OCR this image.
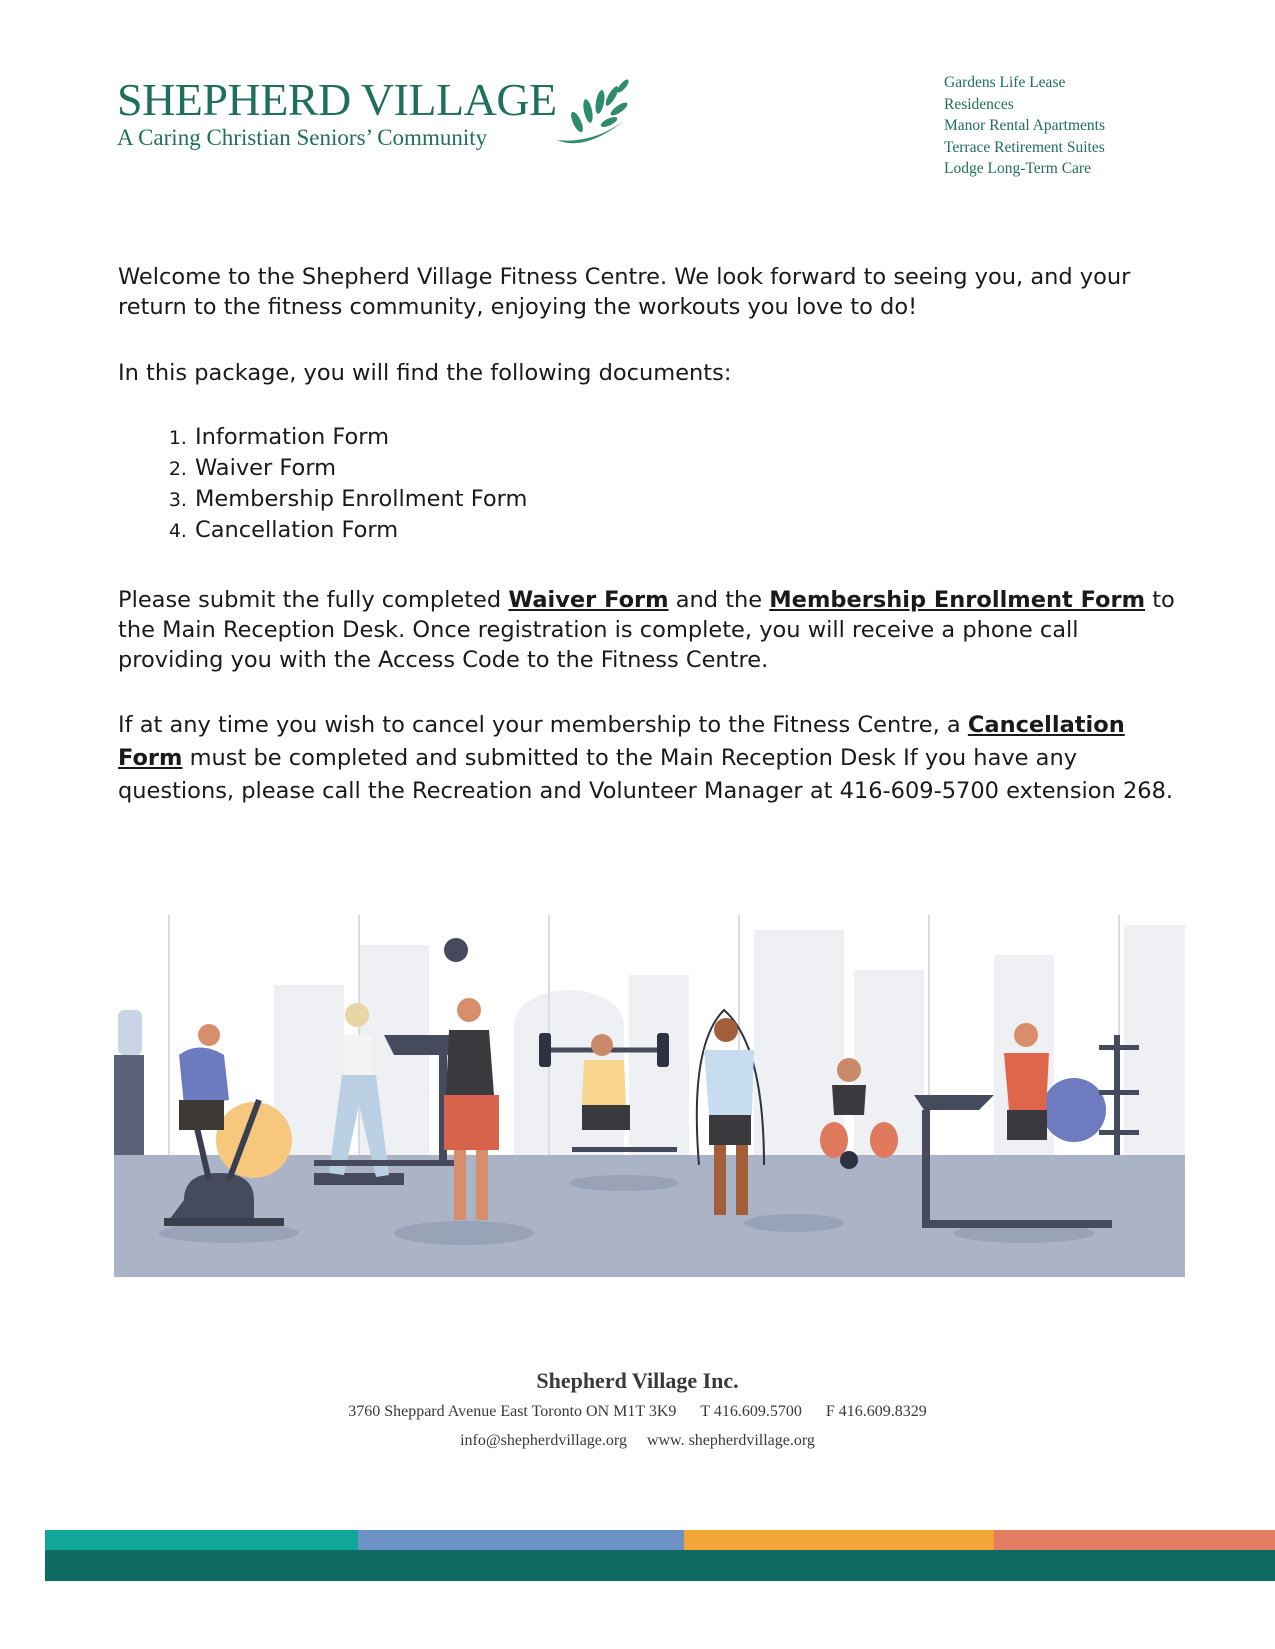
SHEPHERD VILLAGE
A Caring Christian Seniors’ Community
Gardens Life Lease
Residences
Manor Rental Apartments
Terrace Retirement Suites
Lodge Long-Term Care

Welcome to the Shepherd Village Fitness Centre. We look forward to seeing you, and your return to the fitness community, enjoying the workouts you love to do!

In this package, you will find the following documents:

1. Information Form
2. Waiver Form
3. Membership Enrollment Form
4. Cancellation Form

Please submit the fully completed Waiver Form and the Membership Enrollment Form to the Main Reception Desk. Once registration is complete, you will receive a phone call providing you with the Access Code to the Fitness Centre.

If at any time you wish to cancel your membership to the Fitness Centre, a Cancellation Form must be completed and submitted to the Main Reception Desk If you have any questions, please call the Recreation and Volunteer Manager at 416-609-5700 extension 268.

Shepherd Village Inc.
3760 Sheppard Avenue East Toronto ON M1T 3K9 T 416.609.5700 F 416.609.8329
info@shepherdvillage.org www. shepherdvillage.org
